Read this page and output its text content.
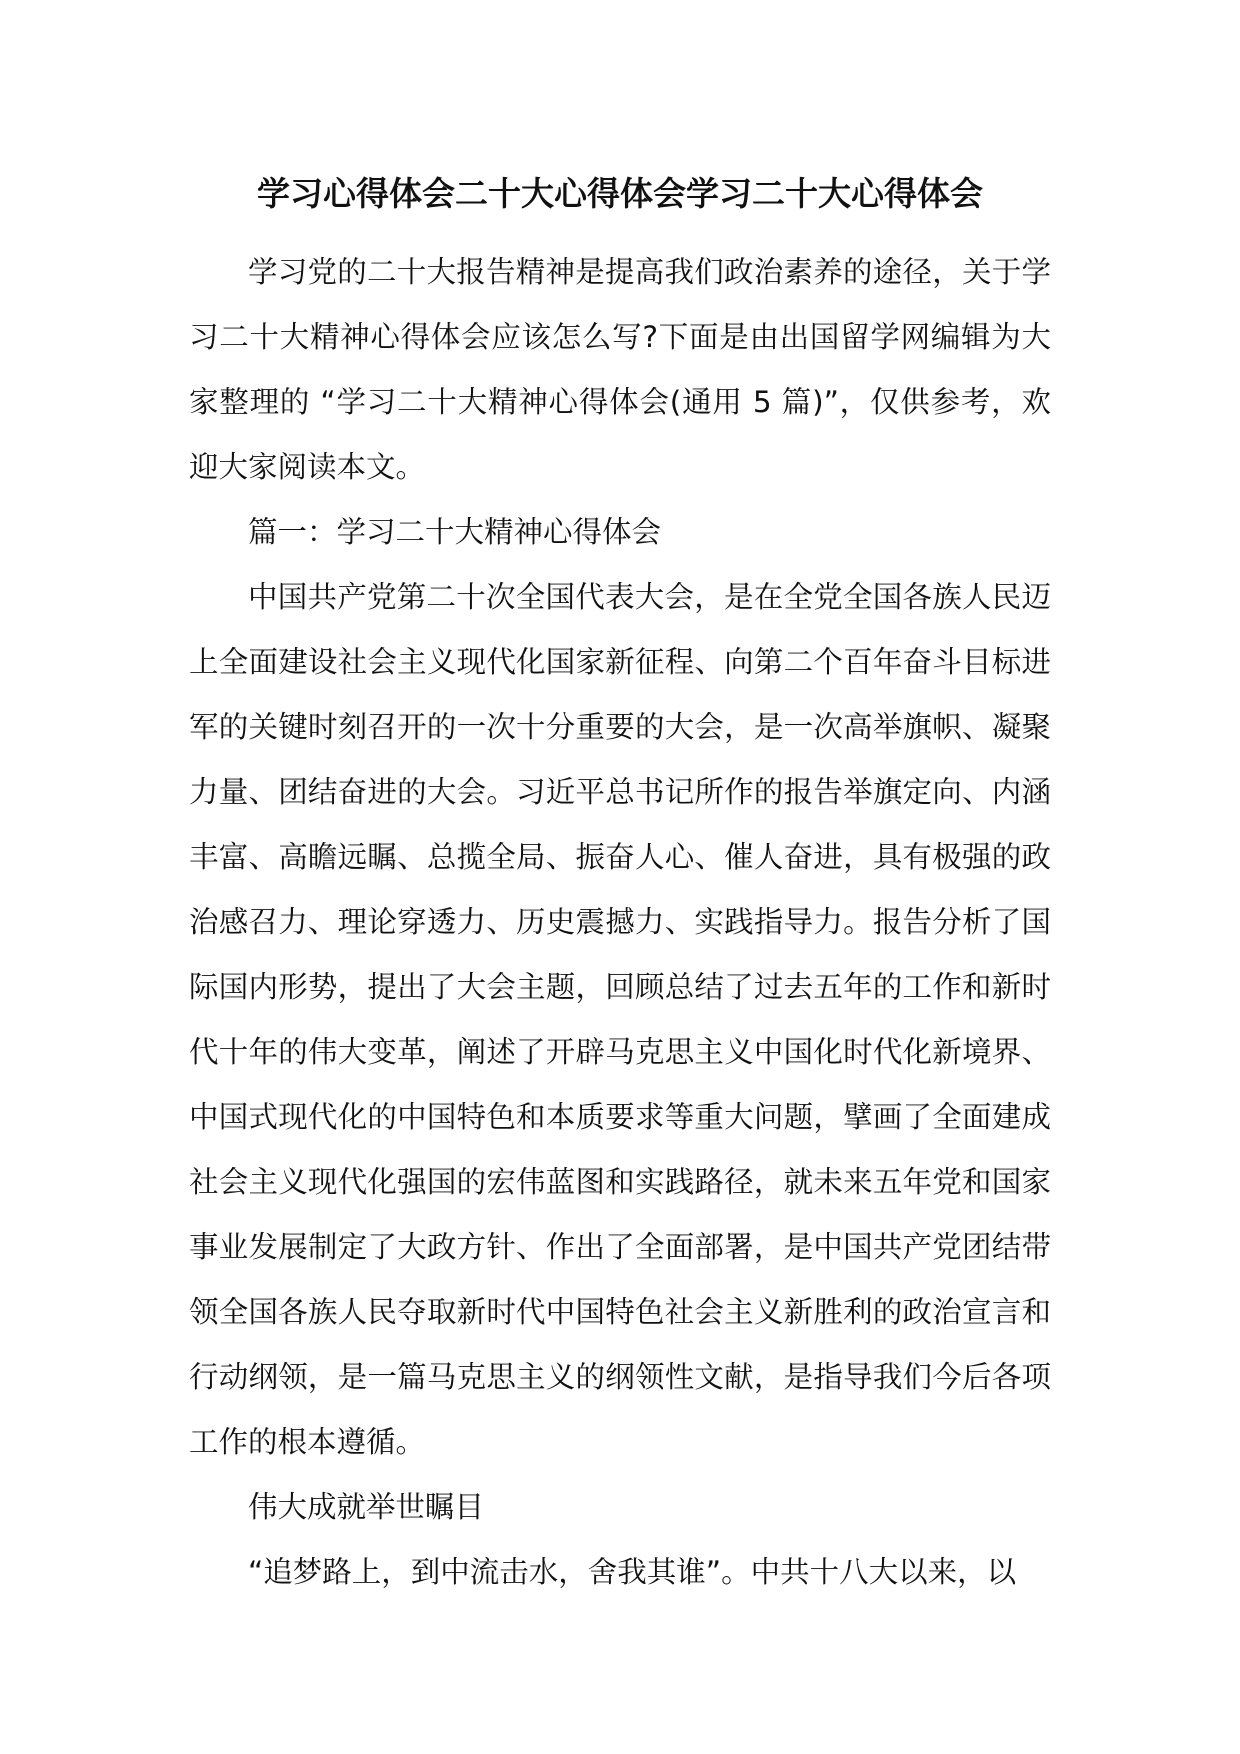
学习心得体会二十大心得体会学习二十大心得体会

学习党的二十大报告精神是提高我们政治素养的途径，关于学习二十大精神心得体会应该怎么写?下面是由出国留学网编辑为大家整理的 “学习二十大精神心得体会(通用 5 篇)”，仅供参考，欢迎大家阅读本文。

篇一：学习二十大精神心得体会

中国共产党第二十次全国代表大会，是在全党全国各族人民迈上全面建设社会主义现代化国家新征程、向第二个百年奋斗目标进军的关键时刻召开的一次十分重要的大会，是一次高举旗帜、凝聚力量、团结奋进的大会。习近平总书记所作的报告举旗定向、内涵丰富、高瞻远瞩、总揽全局、振奋人心、催人奋进，具有极强的政治感召力、理论穿透力、历史震撼力、实践指导力。报告分析了国际国内形势，提出了大会主题，回顾总结了过去五年的工作和新时代十年的伟大变革，阐述了开辟马克思主义中国化时代化新境界、中国式现代化的中国特色和本质要求等重大问题，擘画了全面建成社会主义现代化强国的宏伟蓝图和实践路径，就未来五年党和国家事业发展制定了大政方针、作出了全面部署，是中国共产党团结带领全国各族人民夺取新时代中国特色社会主义新胜利的政治宣言和行动纲领，是一篇马克思主义的纲领性文献，是指导我们今后各项工作的根本遵循。

伟大成就举世瞩目

“追梦路上，到中流击水，舍我其谁”。中共十八大以来，以
